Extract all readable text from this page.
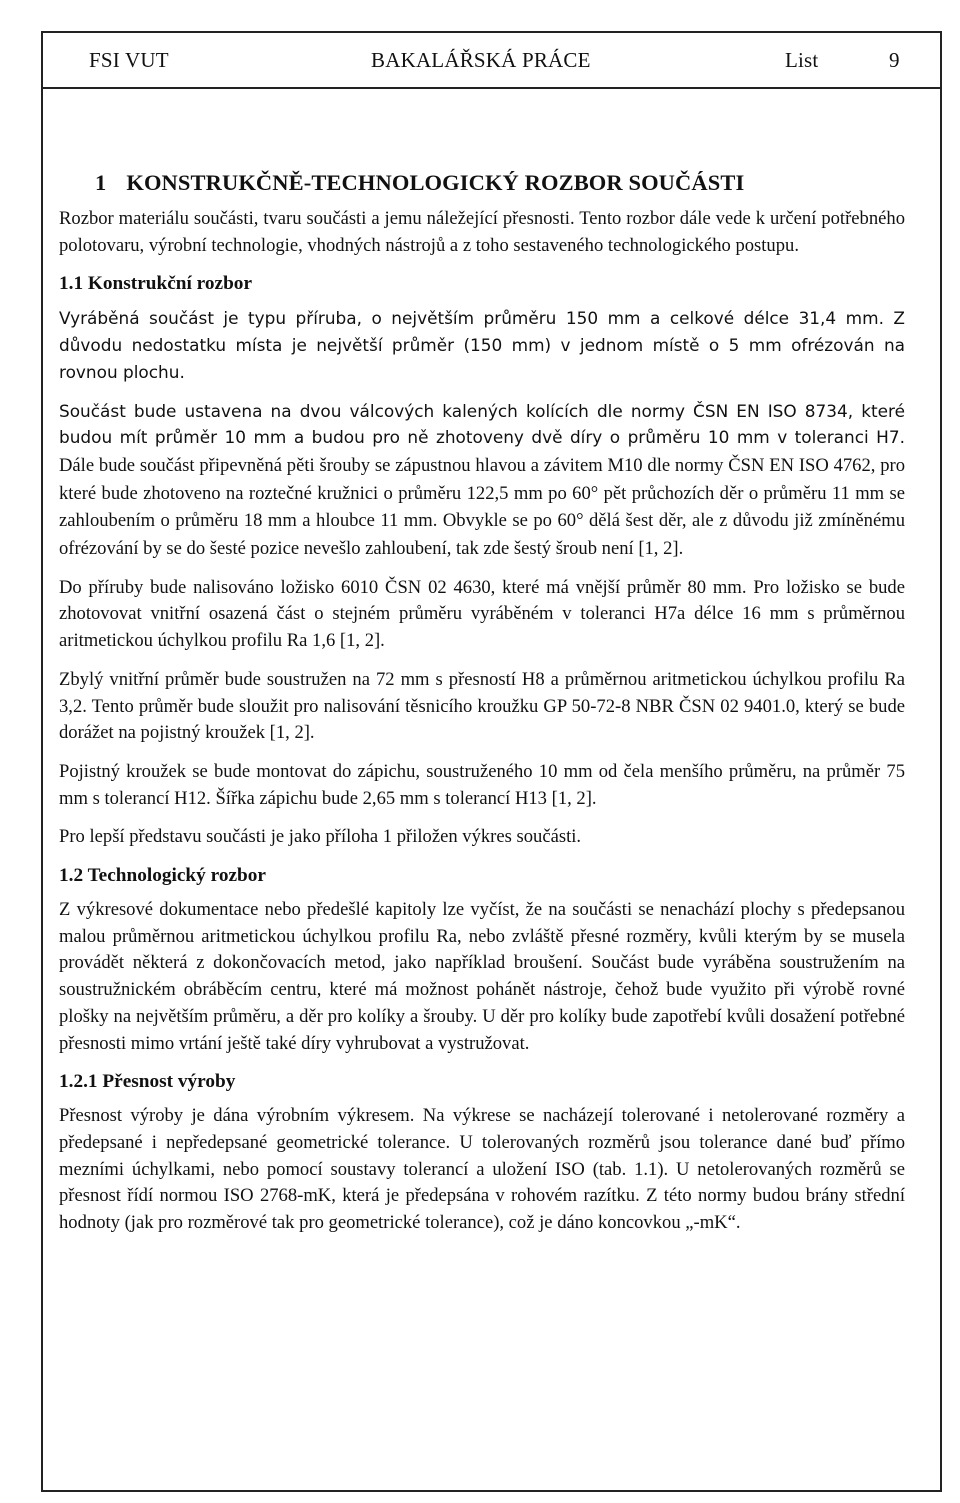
FSI VUT	BAKALÁŘSKÁ PRÁCE	List	9
1 KONSTRUKČNĚ-TECHNOLOGICKÝ ROZBOR SOUČÁSTI

Rozbor materiálu součásti, tvaru součásti a jemu náležející přesnosti. Tento rozbor dále vede k určení potřebného polotovaru, výrobní technologie, vhodných nástrojů a z toho sestaveného technologického postupu.

1.1 Konstrukční rozbor

Vyráběná součást je typu příruba, o největším průměru 150 mm a celkové délce 31,4 mm. Z důvodu nedostatku místa je největší průměr (150 mm) v jednom místě o 5 mm ofrézován na rovnou plochu.

Součást bude ustavena na dvou válcových kalených kolících dle normy ČSN EN ISO 8734, které budou mít průměr 10 mm a budou pro ně zhotoveny dvě díry o průměru 10 mm v toleranci H7. Dále bude součást připevněná pěti šrouby se zápustnou hlavou a závitem M10 dle normy ČSN EN ISO 4762, pro které bude zhotoveno na roztečné kružnici o průměru 122,5 mm po 60° pět průchozích děr o průměru 11 mm se zahloubením o průměru 18 mm a hloubce 11 mm. Obvykle se po 60° dělá šest děr, ale z důvodu již zmíněnému ofrézování by se do šesté pozice nevešlo zahloubení, tak zde šestý šroub není [1, 2].

Do příruby bude nalisováno ložisko 6010 ČSN 02 4630, které má vnější průměr 80 mm. Pro ložisko se bude zhotovovat vnitřní osazená část o stejném průměru vyráběném v toleranci H7a délce 16 mm s průměrnou aritmetickou úchylkou profilu Ra 1,6 [1, 2].

Zbylý vnitřní průměr bude soustružen na 72 mm s přesností H8 a průměrnou aritmetickou úchylkou profilu Ra 3,2. Tento průměr bude sloužit pro nalisování těsnicího kroužku GP 50-72-8 NBR ČSN 02 9401.0, který se bude dorážet na pojistný kroužek [1, 2].

Pojistný kroužek se bude montovat do zápichu, soustruženého 10 mm od čela menšího průměru, na průměr 75 mm s tolerancí H12. Šířka zápichu bude 2,65 mm s tolerancí H13 [1, 2].

Pro lepší představu součásti je jako příloha 1 přiložen výkres součásti.

1.2 Technologický rozbor

Z výkresové dokumentace nebo předešlé kapitoly lze vyčíst, že na součásti se nenachází plochy s předepsanou malou průměrnou aritmetickou úchylkou profilu Ra, nebo zvláště přesné rozměry, kvůli kterým by se musela provádět některá z dokončovacích metod, jako například broušení. Součást bude vyráběna soustružením na soustružnickém obráběcím centru, které má možnost pohánět nástroje, čehož bude využito při výrobě rovné plošky na největším průměru, a děr pro kolíky a šrouby. U děr pro kolíky bude zapotřebí kvůli dosažení potřebné přesnosti mimo vrtání ještě také díry vyhrubovat a vystružovat.

1.2.1 Přesnost výroby

Přesnost výroby je dána výrobním výkresem. Na výkrese se nacházejí tolerované i netolerované rozměry a předepsané i nepředepsané geometrické tolerance. U tolerovaných rozměrů jsou tolerance dané buď přímo mezními úchylkami, nebo pomocí soustavy tolerancí a uložení ISO (tab. 1.1). U netolerovaných rozměrů se přesnost řídí normou ISO 2768-mK, která je předepsána v rohovém razítku. Z této normy budou brány střední hodnoty (jak pro rozměrové tak pro geometrické tolerance), což je dáno koncovkou „-mK“.
